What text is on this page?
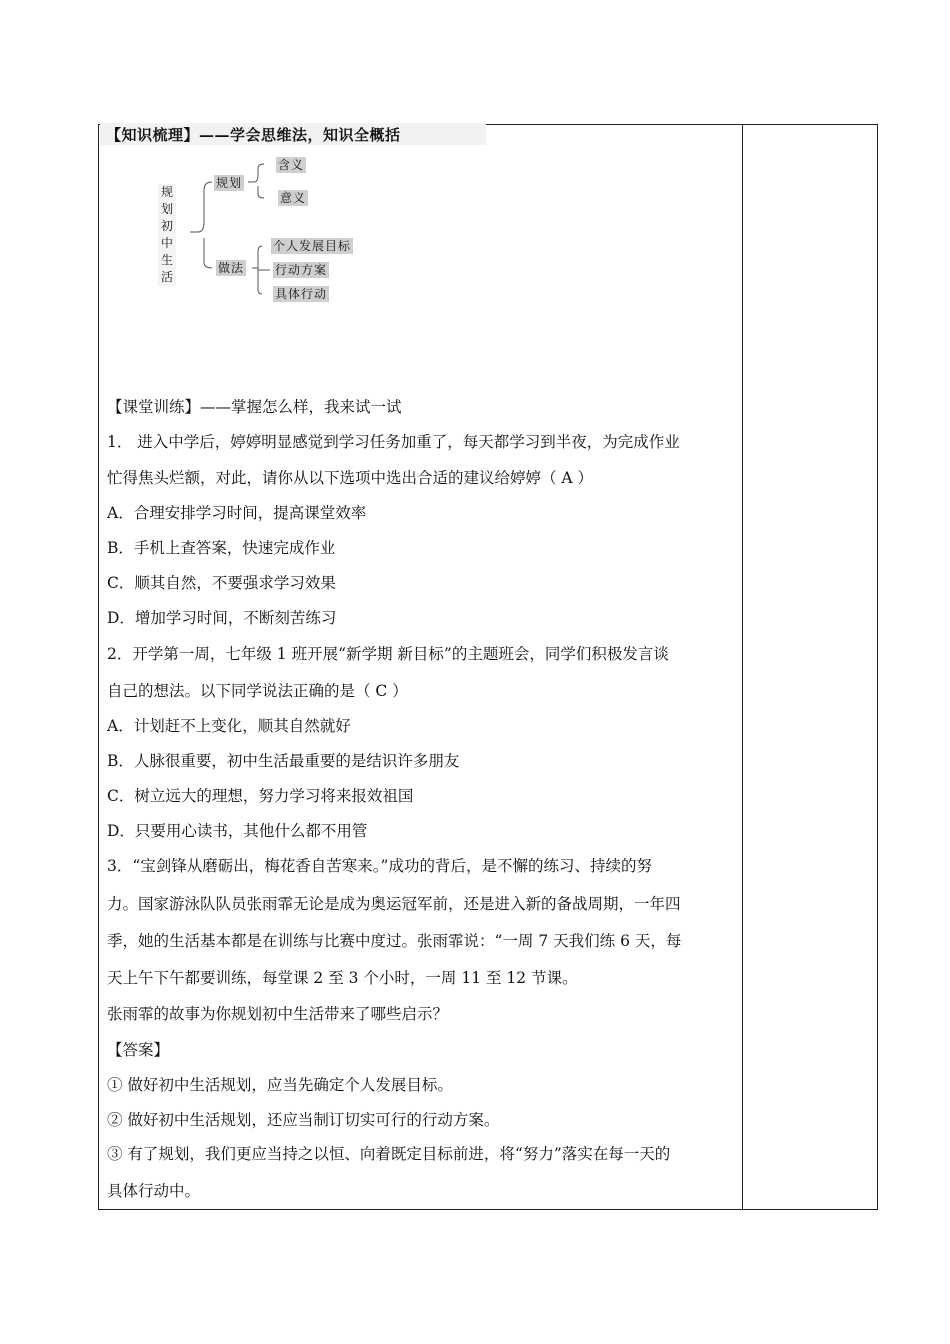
【知识梳理】——学会思维法，知识全概括
规
划
初
中
生
活
规划
含义
意义
做法
个人发展目标
行动方案
具体行动
【课堂训练】——掌握怎么样，我来试一试
1． 进入中学后，婷婷明显感觉到学习任务加重了，每天都学习到半夜，为完成作业
忙得焦头烂额，对此，请你从以下选项中选出合适的建议给婷婷（ A ）
A．合理安排学习时间，提高课堂效率
B．手机上查答案，快速完成作业
C．顺其自然，不要强求学习效果
D．增加学习时间，不断刻苦练习
2．开学第一周，七年级 1 班开展“新学期 新目标”的主题班会，同学们积极发言谈
自己的想法。以下同学说法正确的是（ C ）
A．计划赶不上变化，顺其自然就好
B．人脉很重要，初中生活最重要的是结识许多朋友
C．树立远大的理想，努力学习将来报效祖国
D．只要用心读书，其他什么都不用管
3．“宝剑锋从磨砺出，梅花香自苦寒来。”成功的背后，是不懈的练习、持续的努
力。国家游泳队队员张雨霏无论是成为奥运冠军前，还是进入新的备战周期，一年四
季，她的生活基本都是在训练与比赛中度过。张雨霏说：“一周 7 天我们练 6 天，每
天上午下午都要训练，每堂课 2 至 3 个小时，一周 11 至 12 节课。
张雨霏的故事为你规划初中生活带来了哪些启示？
【答案】
① 做好初中生活规划，应当先确定个人发展目标。
② 做好初中生活规划，还应当制订切实可行的行动方案。
③ 有了规划，我们更应当持之以恒、向着既定目标前进，将“努力”落实在每一天的
具体行动中。
